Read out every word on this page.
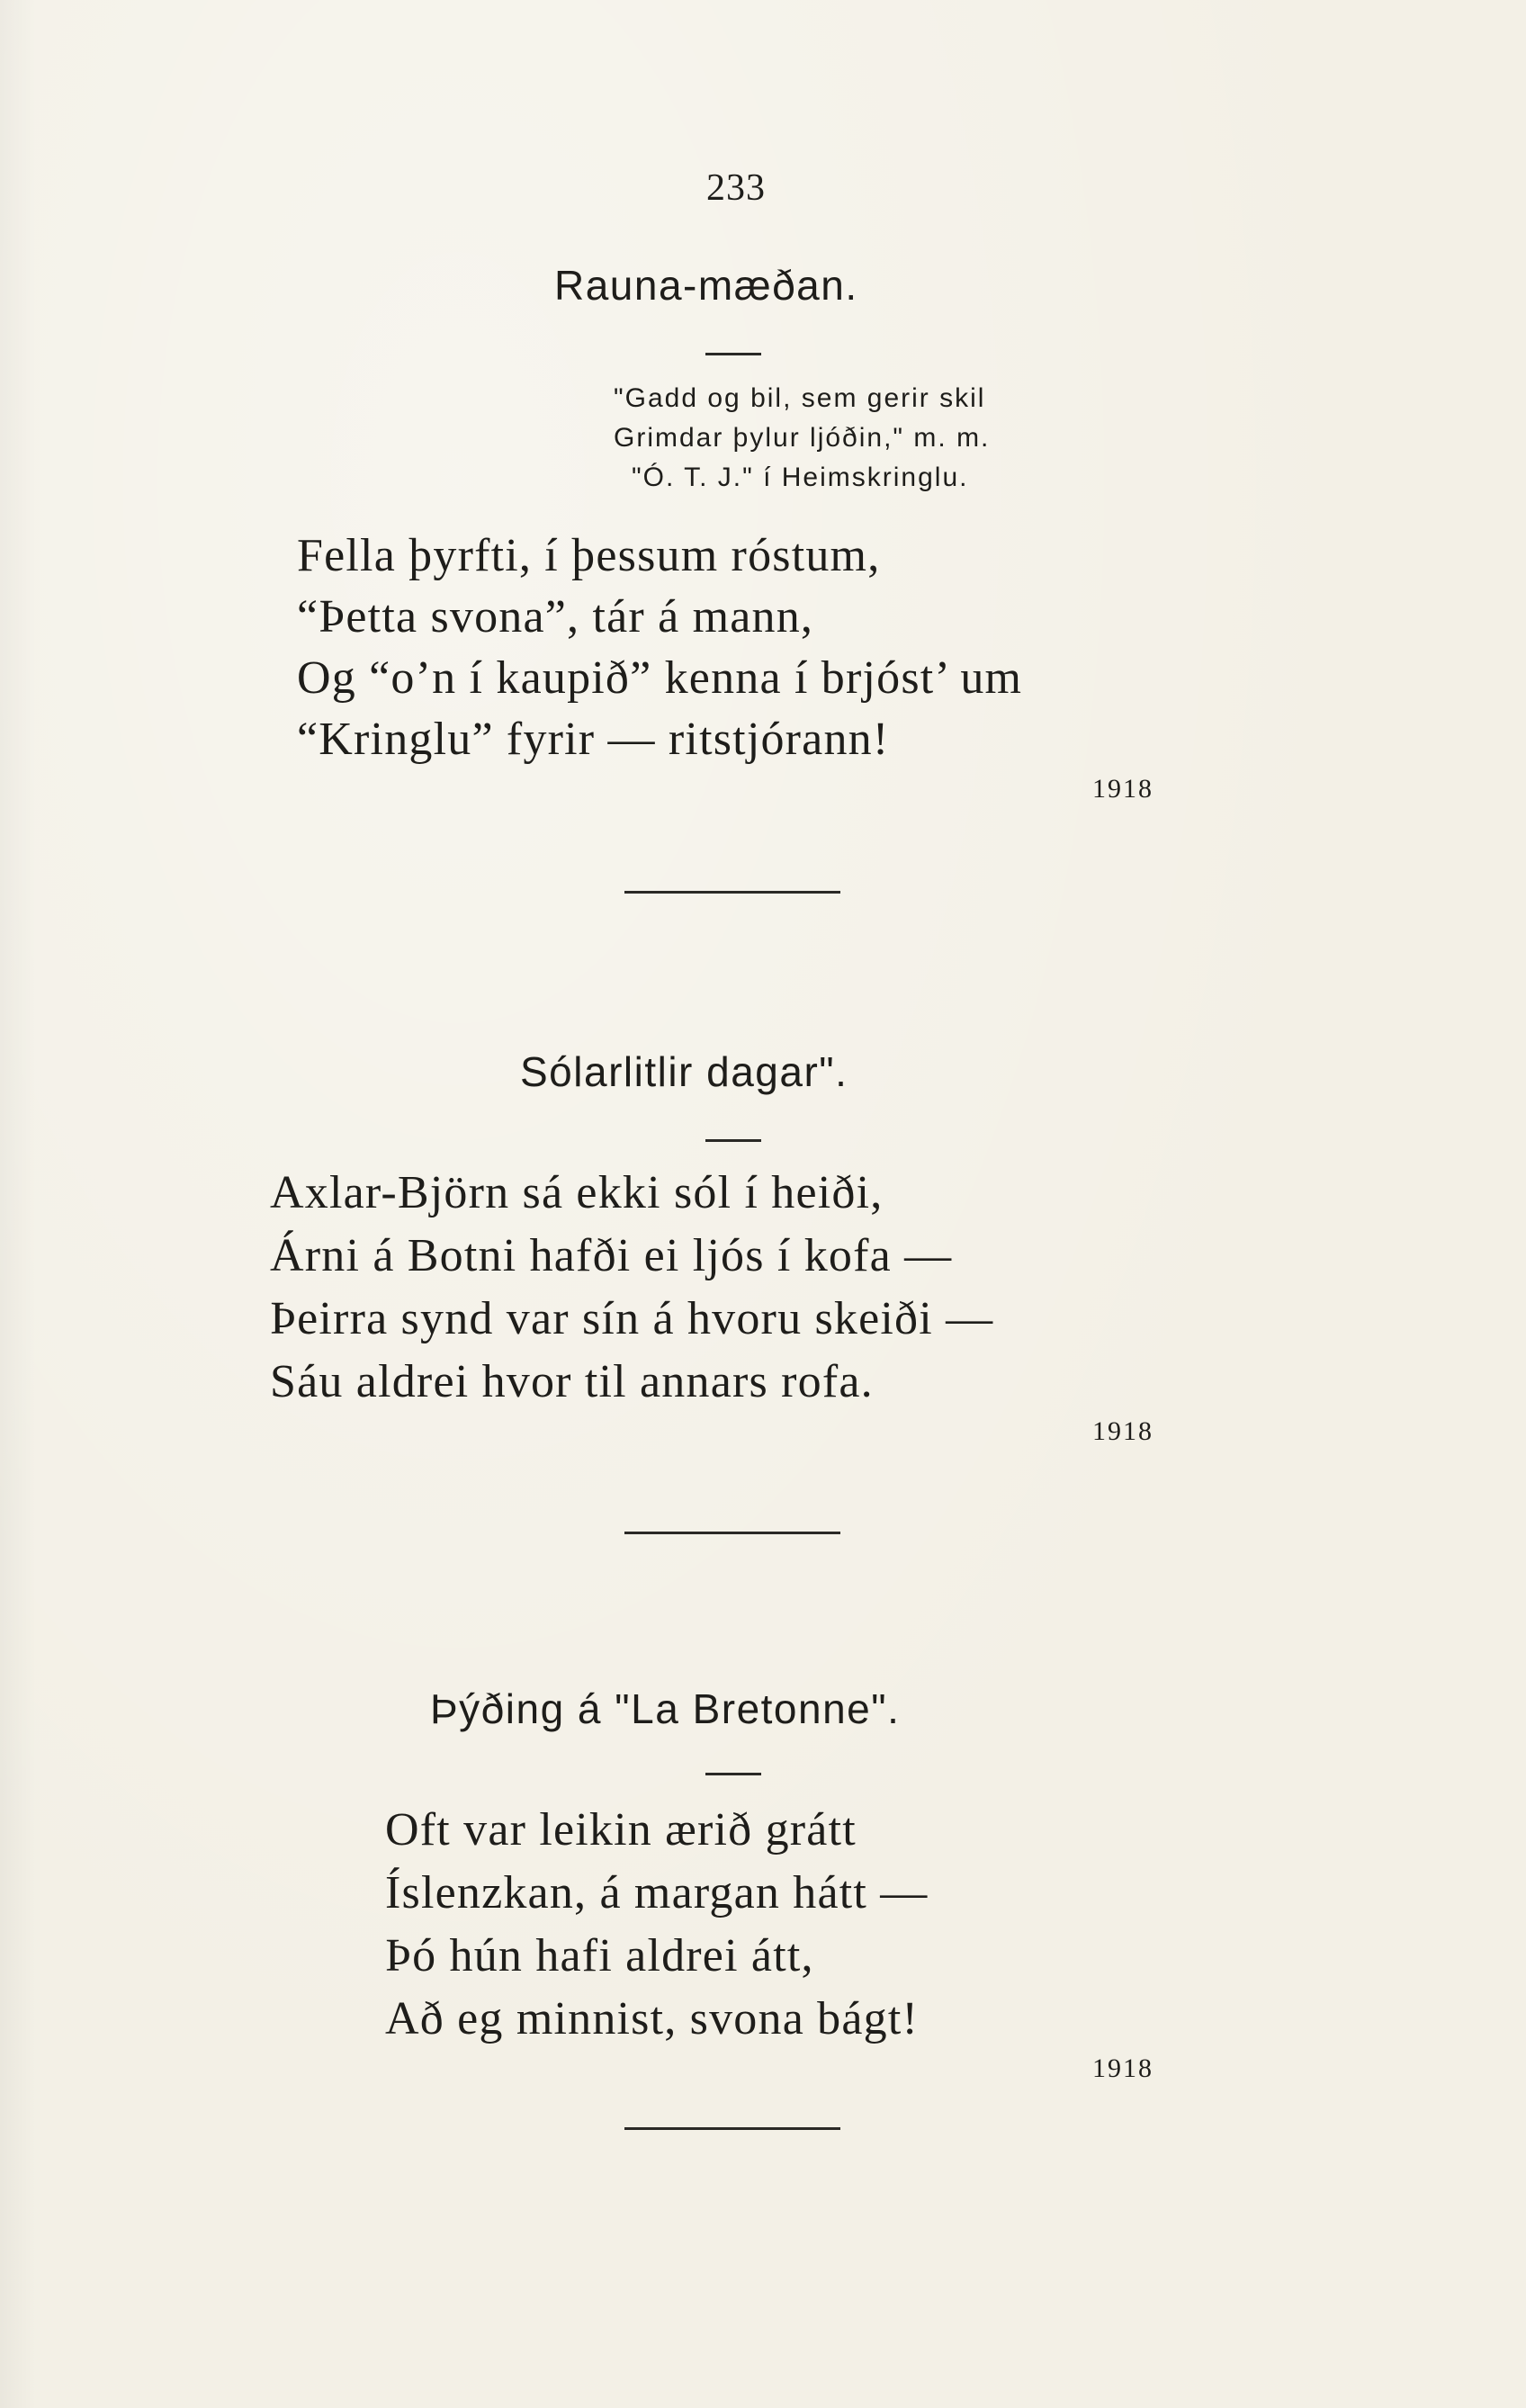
233
Rauna-mæðan.
"Gadd og bil, sem gerir skil
Grimdar þylur ljóðin," m. m.
"Ó. T. J." í Heimskringlu.
Fella þyrfti, í þessum róstum,
“Þetta svona”, tár á mann,
Og “o’n í kaupið” kenna í brjóst’ um
“Kringlu” fyrir — ritstjórann!
1918
Sólarlitlir dagar".
Axlar-Björn sá ekki sól í heiði,
Árni á Botni hafði ei ljós í kofa —
Þeirra synd var sín á hvoru skeiði —
Sáu aldrei hvor til annars rofa.
1918
Þýðing á "La Bretonne".
Oft var leikin ærið grátt
Íslenzkan, á margan hátt —
Þó hún hafi aldrei átt,
Að eg minnist, svona bágt!
1918
